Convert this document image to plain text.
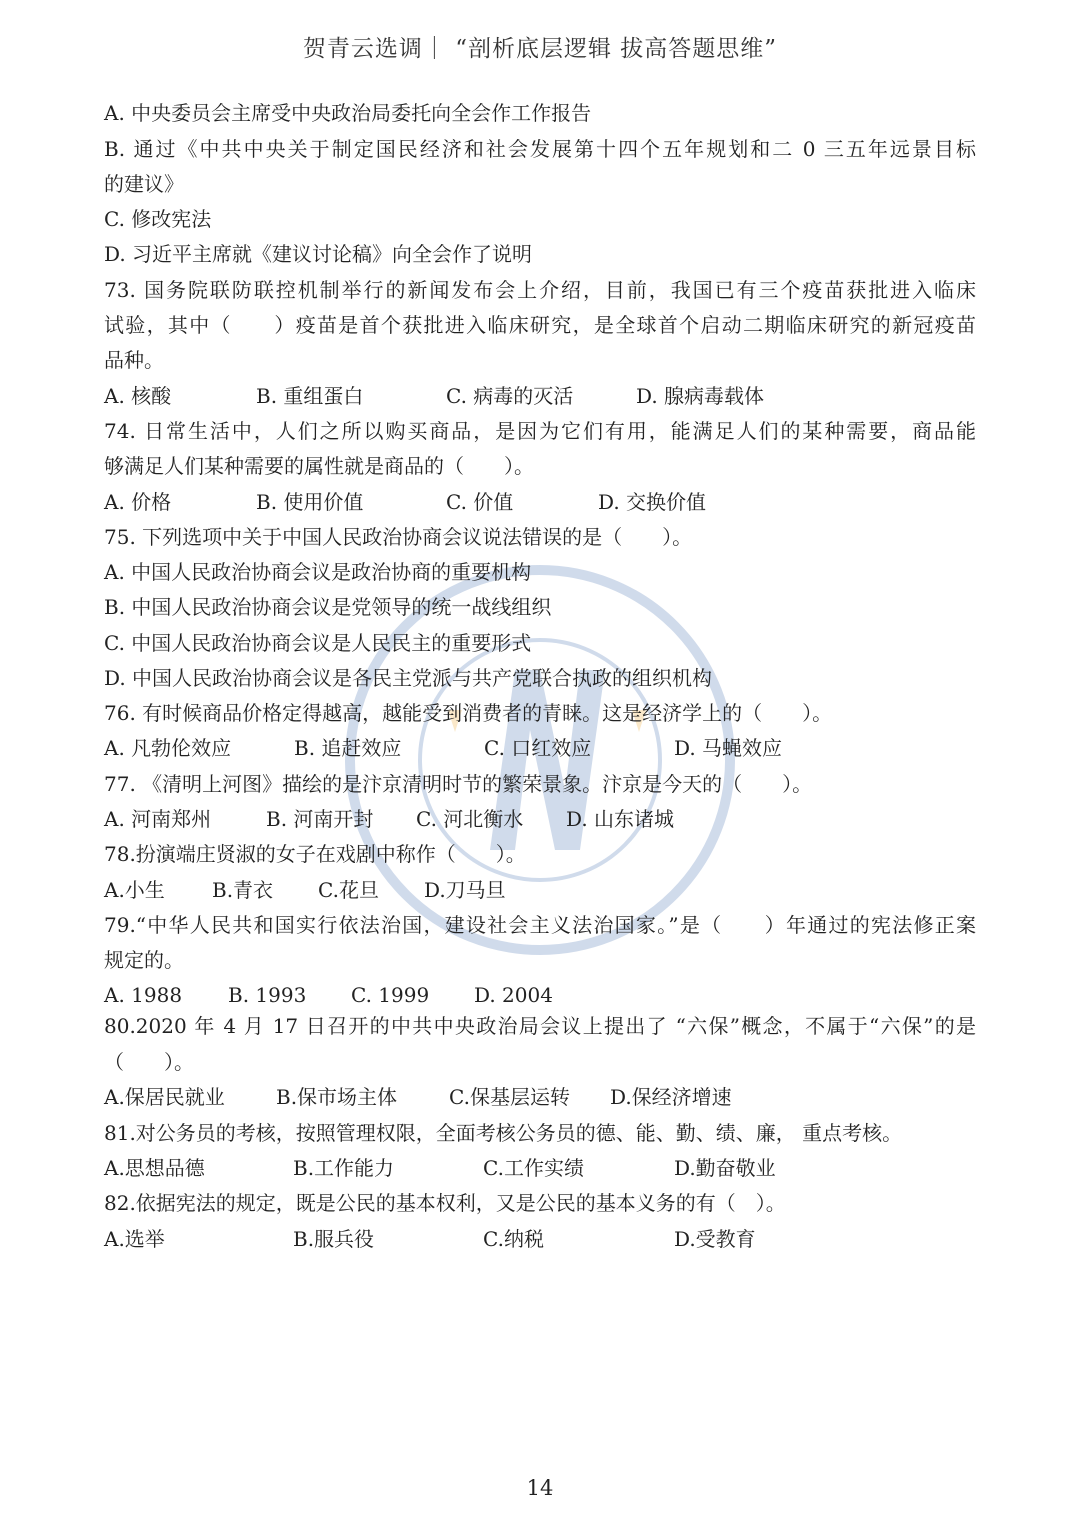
贺青云选调｜ “剖析底层逻辑 拔高答题思维”
A. 中央委员会主席受中央政治局委托向全会作工作报告
B. 通过《中共中央关于制定国民经济和社会发展第十四个五年规划和二 0 三五年远景目标
的建议》
C. 修改宪法
D. 习近平主席就《建议讨论稿》向全会作了说明
73. 国务院联防联控机制举行的新闻发布会上介绍，目前，我国已有三个疫苗获批进入临床
试验，其中（　　）疫苗是首个获批进入临床研究，是全球首个启动二期临床研究的新冠疫苗
品种。
A. 核酸	B. 重组蛋白	C. 病毒的灭活	D. 腺病毒载体
74. 日常生活中，人们之所以购买商品，是因为它们有用，能满足人们的某种需要，商品能
够满足人们某种需要的属性就是商品的（　　）。
A. 价格	B. 使用价值	C. 价值	D. 交换价值
75. 下列选项中关于中国人民政治协商会议说法错误的是（　　）。
A. 中国人民政治协商会议是政治协商的重要机构
B. 中国人民政治协商会议是党领导的统一战线组织
C. 中国人民政治协商会议是人民民主的重要形式
D. 中国人民政治协商会议是各民主党派与共产党联合执政的组织机构
76. 有时候商品价格定得越高，越能受到消费者的青睐。这是经济学上的（　　）。
A. 凡勃伦效应	B. 追赶效应	C. 口红效应	D. 马蝇效应
77. 《清明上河图》描绘的是汴京清明时节的繁荣景象。汴京是今天的（　　）。
A. 河南郑州	B. 河南开封 C. 河北衡水 D. 山东诸城
78.扮演端庄贤淑的女子在戏剧中称作（　　）。
A.小生 B.青衣 C.花旦 D.刀马旦
79.“中华人民共和国实行依法治国，建设社会主义法治国家。”是（　　）年通过的宪法修正案
规定的。
A. 1988 B. 1993 C. 1999 D. 2004
80.2020 年 4 月 17 日召开的中共中央政治局会议上提出了 “六保”概念，不属于“六保”的是
（　　）。
A.保居民就业	B.保市场主体	C.保基层运转 D.保经济增速
81.对公务员的考核，按照管理权限，全面考核公务员的德、能、勤、绩、廉， 重点考核。
A.思想品德	B.工作能力	C.工作实绩	D.勤奋敬业
82.依据宪法的规定，既是公民的基本权利，又是公民的基本义务的有（　）。
A.选举	B.服兵役	C.纳税	D.受教育
14
